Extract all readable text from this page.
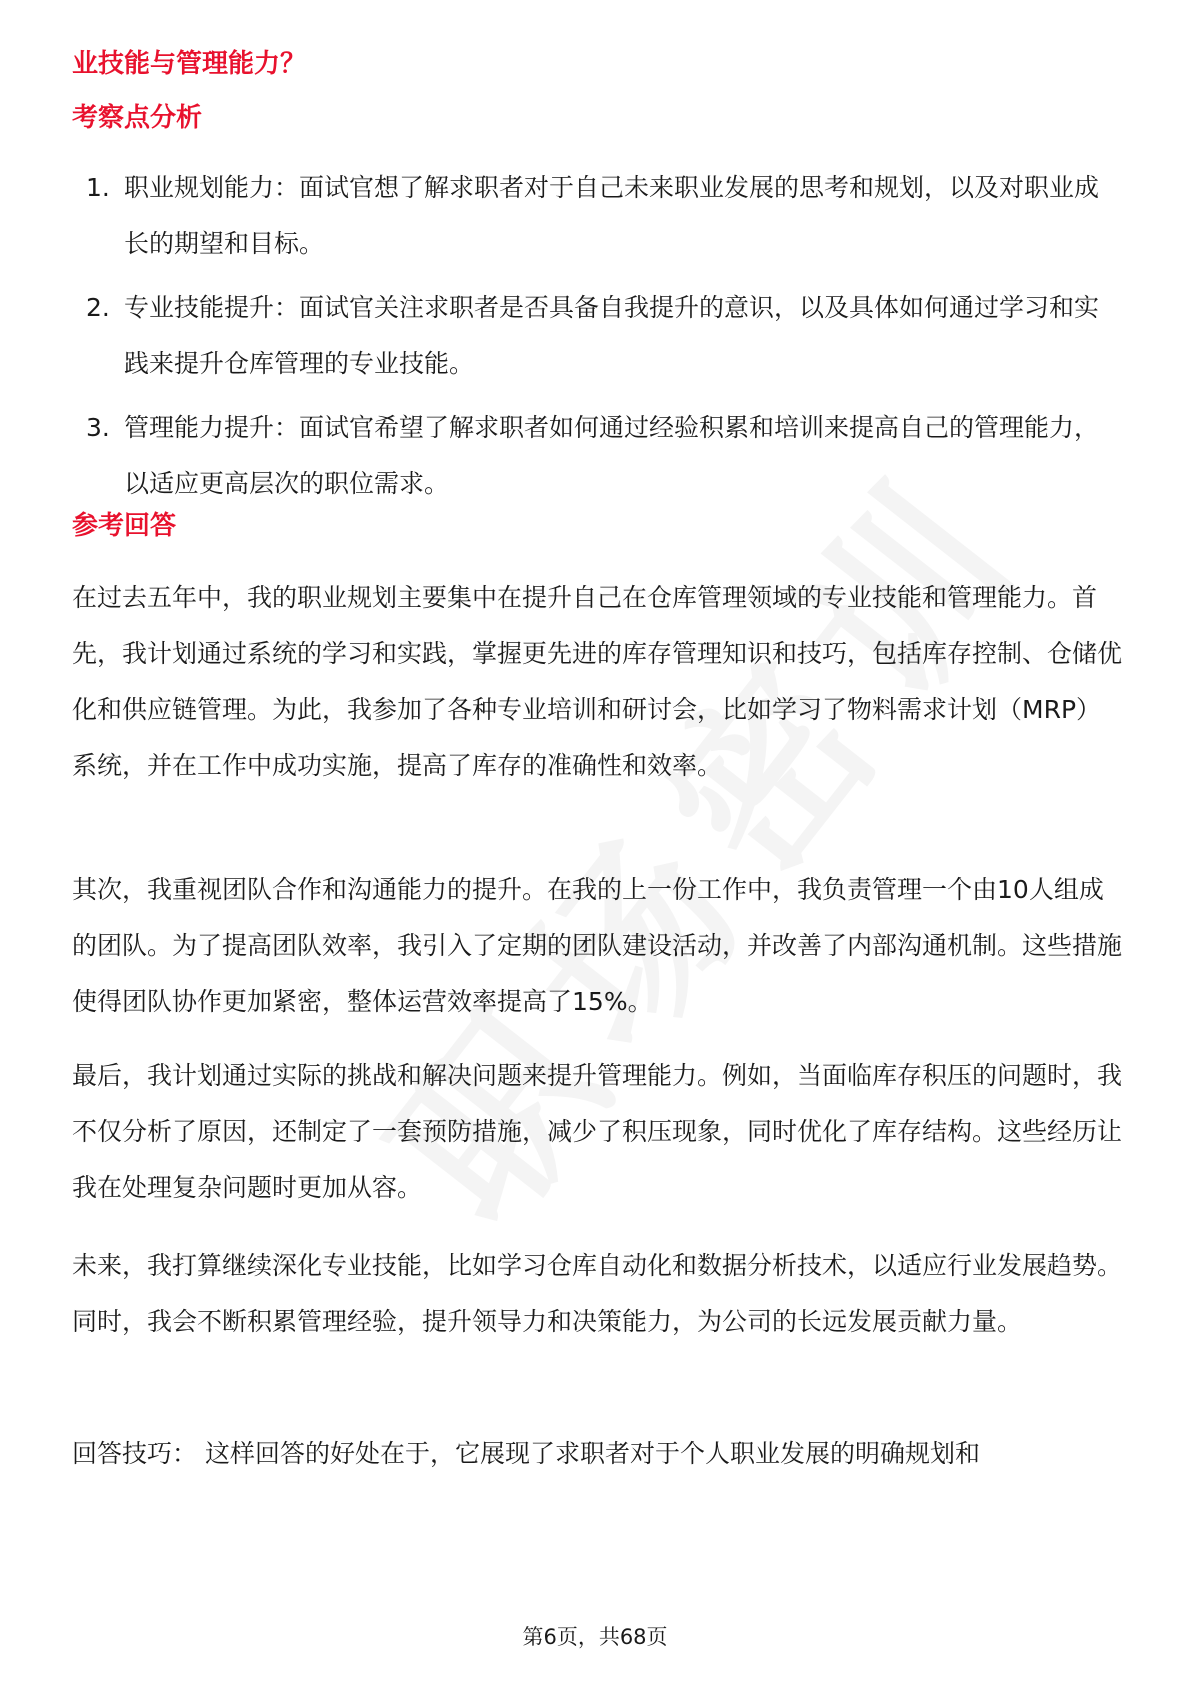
业技能与管理能力？
考察点分析
1. 职业规划能力：面试官想了解求职者对于自己未来职业发展的思考和规划，以及对职业成长的期望和目标。
2. 专业技能提升：面试官关注求职者是否具备自我提升的意识，以及具体如何通过学习和实践来提升仓库管理的专业技能。
3. 管理能力提升：面试官希望了解求职者如何通过经验积累和培训来提高自己的管理能力，以适应更高层次的职位需求。
参考回答

在过去五年中，我的职业规划主要集中在提升自己在仓库管理领域的专业技能和管理能力。首先，我计划通过系统的学习和实践，掌握更先进的库存管理知识和技巧，包括库存控制、仓储优化和供应链管理。为此，我参加了各种专业培训和研讨会，比如学习了物料需求计划（MRP）系统，并在工作中成功实施，提高了库存的准确性和效率。

其次，我重视团队合作和沟通能力的提升。在我的上一份工作中，我负责管理一个由10人组成的团队。为了提高团队效率，我引入了定期的团队建设活动，并改善了内部沟通机制。这些措施使得团队协作更加紧密，整体运营效率提高了15%。

最后，我计划通过实际的挑战和解决问题来提升管理能力。例如，当面临库存积压的问题时，我不仅分析了原因，还制定了一套预防措施，减少了积压现象，同时优化了库存结构。这些经历让我在处理复杂问题时更加从容。

未来，我打算继续深化专业技能，比如学习仓库自动化和数据分析技术，以适应行业发展趋势。同时，我会不断积累管理经验，提升领导力和决策能力，为公司的长远发展贡献力量。

回答技巧： 这样回答的好处在于，它展现了求职者对于个人职业发展的明确规划和

第6页，共68页
